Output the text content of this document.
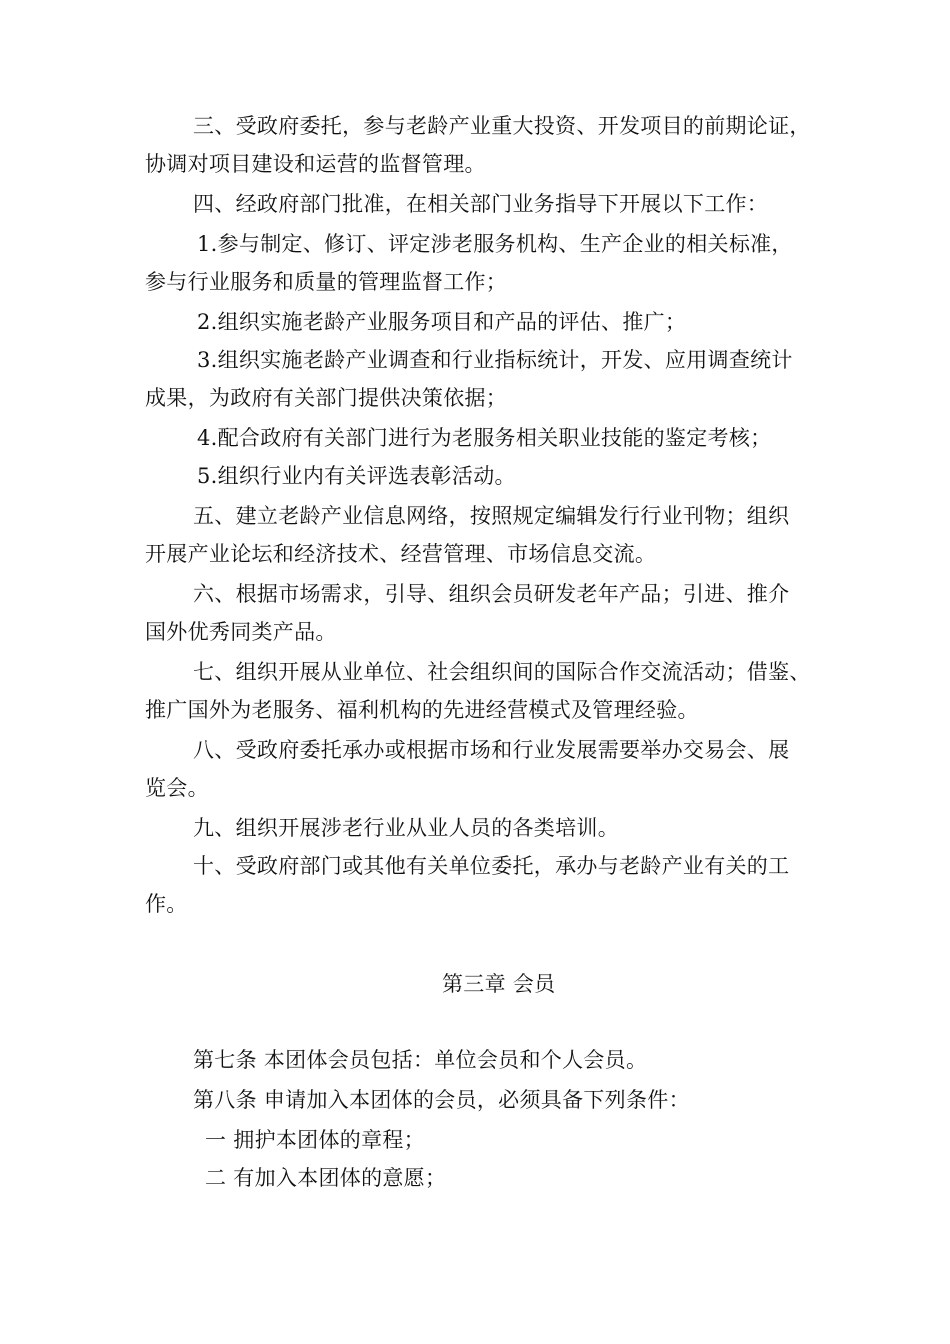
三、受政府委托，参与老龄产业重大投资、开发项目的前期论证，
协调对项目建设和运营的监督管理。
四、经政府部门批准，在相关部门业务指导下开展以下工作：
1.参与制定、修订、评定涉老服务机构、生产企业的相关标准，
参与行业服务和质量的管理监督工作；
2.组织实施老龄产业服务项目和产品的评估、推广；
3.组织实施老龄产业调查和行业指标统计，开发、应用调查统计
成果，为政府有关部门提供决策依据；
4.配合政府有关部门进行为老服务相关职业技能的鉴定考核；
5.组织行业内有关评选表彰活动。
五、建立老龄产业信息网络，按照规定编辑发行行业刊物；组织
开展产业论坛和经济技术、经营管理、市场信息交流。
六、根据市场需求，引导、组织会员研发老年产品；引进、推介
国外优秀同类产品。
七、组织开展从业单位、社会组织间的国际合作交流活动；借鉴、
推广国外为老服务、福利机构的先进经营模式及管理经验。
八、受政府委托承办或根据市场和行业发展需要举办交易会、展
览会。
九、组织开展涉老行业从业人员的各类培训。
十、受政府部门或其他有关单位委托，承办与老龄产业有关的工
作。
第三章 会员
第七条 本团体会员包括：单位会员和个人会员。
第八条 申请加入本团体的会员，必须具备下列条件：
一 拥护本团体的章程；
二 有加入本团体的意愿；
